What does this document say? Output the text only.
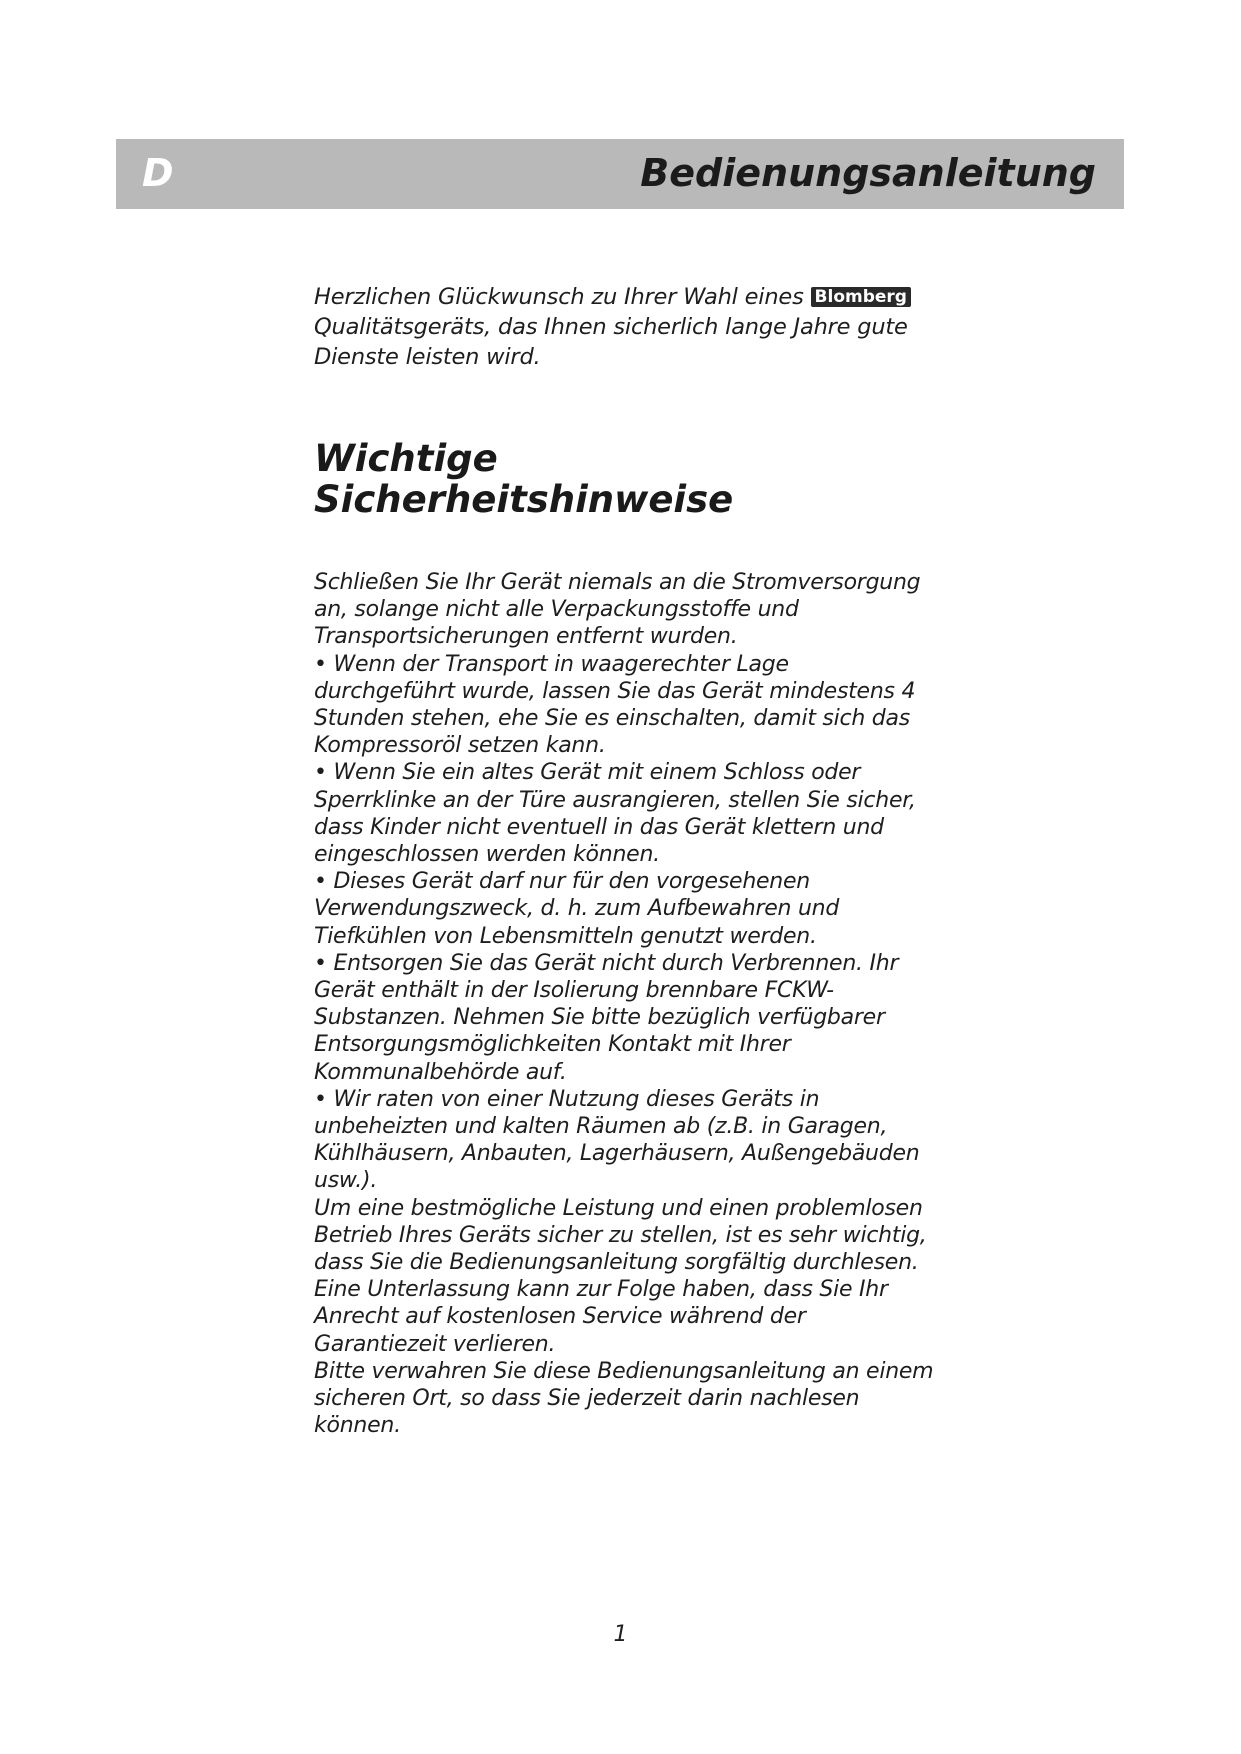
D	Bedienungsanleitung

Herzlichen Glückwunsch zu Ihrer Wahl eines Blomberg Qualitätsgeräts, das Ihnen sicherlich lange Jahre gute Dienste leisten wird.

Wichtige
Sicherheitshinweise

Schließen Sie Ihr Gerät niemals an die Stromversorgung an, solange nicht alle Verpackungsstoffe und Transportsicherungen entfernt wurden.

• Wenn der Transport in waagerechter Lage durchgeführt wurde, lassen Sie das Gerät mindestens 4 Stunden stehen, ehe Sie es einschalten, damit sich das Kompressoröl setzen kann.

• Wenn Sie ein altes Gerät mit einem Schloss oder Sperrklinke an der Türe ausrangieren, stellen Sie sicher, dass Kinder nicht eventuell in das Gerät klettern und eingeschlossen werden können.

• Dieses Gerät darf nur für den vorgesehenen Verwendungszweck, d. h. zum Aufbewahren und Tiefkühlen von Lebensmitteln genutzt werden.

• Entsorgen Sie das Gerät nicht durch Verbrennen. Ihr Gerät enthält in der Isolierung brennbare FCKW-Substanzen. Nehmen Sie bitte bezüglich verfügbarer Entsorgungsmöglichkeiten Kontakt mit Ihrer Kommunalbehörde auf.

• Wir raten von einer Nutzung dieses Geräts in unbeheizten und kalten Räumen ab (z.B. in Garagen, Kühlhäusern, Anbauten, Lagerhäusern, Außengebäuden usw.).

Um eine bestmögliche Leistung und einen problemlosen Betrieb Ihres Geräts sicher zu stellen, ist es sehr wichtig, dass Sie die Bedienungsanleitung sorgfältig durchlesen. Eine Unterlassung kann zur Folge haben, dass Sie Ihr Anrecht auf kostenlosen Service während der Garantiezeit verlieren.

Bitte verwahren Sie diese Bedienungsanleitung an einem sicheren Ort, so dass Sie jederzeit darin nachlesen können.

1
